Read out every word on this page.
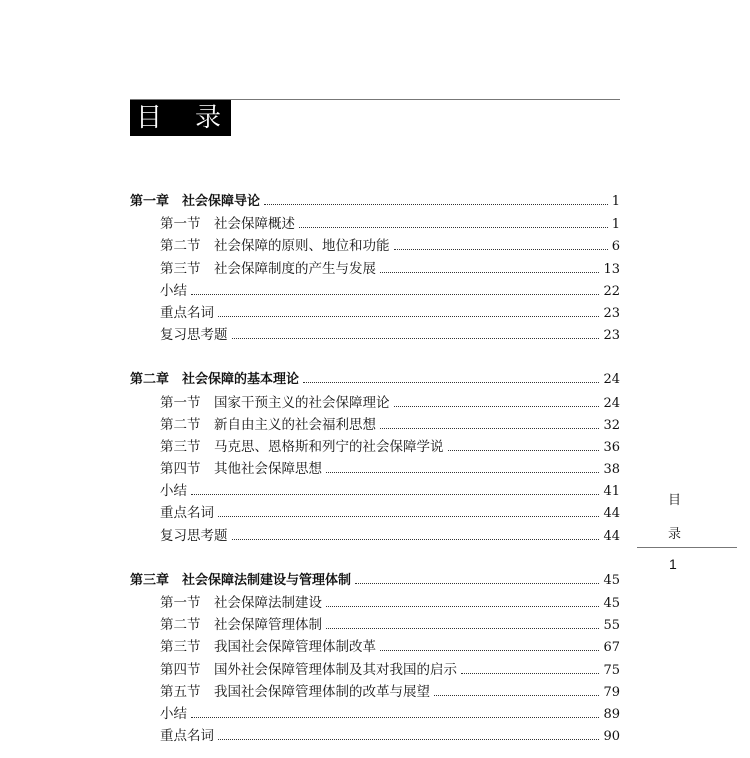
目    录
第一章　社会保障导论	1
第一节　社会保障概述	1
第二节　社会保障的原则、地位和功能	6
第三节　社会保障制度的产生与发展	13
小结	22
重点名词	23
复习思考题	23
第二章　社会保障的基本理论	24
第一节　国家干预主义的社会保障理论	24
第二节　新自由主义的社会福利思想	32
第三节　马克思、恩格斯和列宁的社会保障学说	36
第四节　其他社会保障思想	38
小结	41
重点名词	44
复习思考题	44
第三章　社会保障法制建设与管理体制	45
第一节　社会保障法制建设	45
第二节　社会保障管理体制	55
第三节　我国社会保障管理体制改革	67
第四节　国外社会保障管理体制及其对我国的启示	75
第五节　我国社会保障管理体制的改革与展望	79
小结	89
重点名词	90
目
录
1
